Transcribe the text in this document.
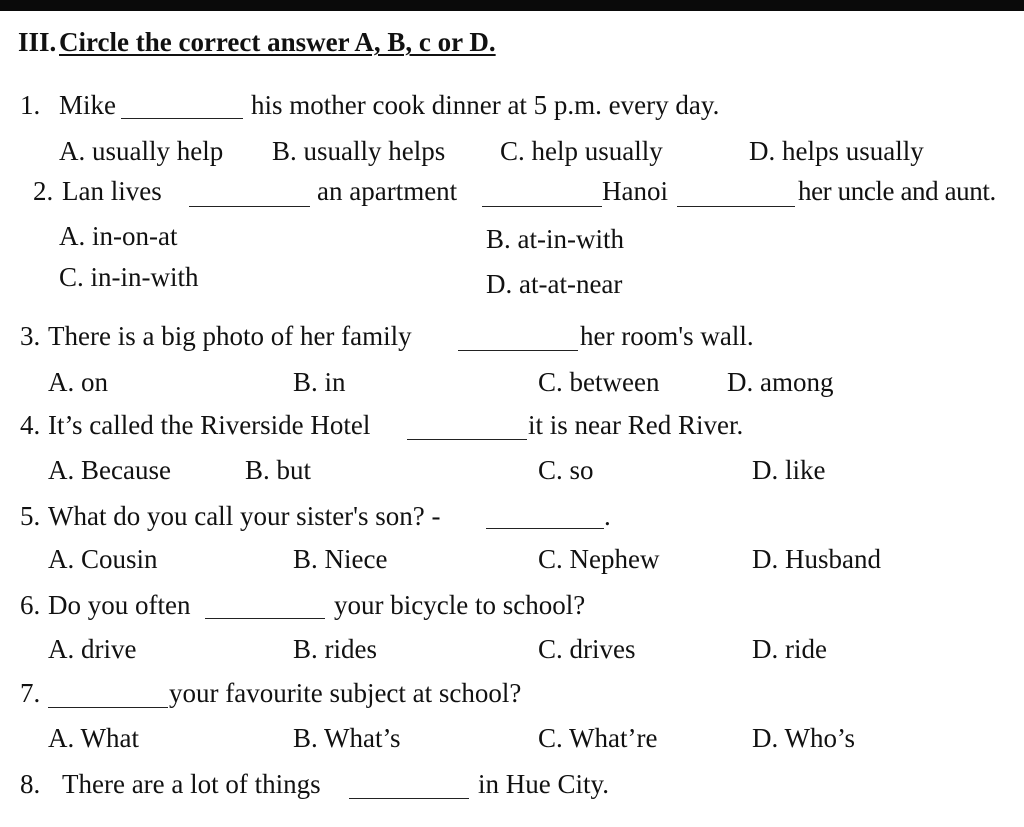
III. Circle the correct answer A, B, c or D.
1. Mike	his mother cook dinner at 5 p.m. every day.
A. usually help B. usually helps C. help usually	D. helps usually
2. Lan lives	an apartment	Hanoi	her uncle and aunt.
A. in-on-at	B. at-in-with
C. in-in-with	D. at-at-near
3. There is a big photo of her family	her room's wall.
A. on	B. in	C. between	D. among
4. It’s called the Riverside Hotel	it is near Red River.
A. Because	B. but	C. so	D. like
5. What do you call your sister's son? -	.
A. Cousin	B. Niece	C. Nephew	D. Husband
6. Do you often	your bicycle to school?
A. drive	B. rides	C. drives	D. ride
7.	your favourite subject at school?
A. What	B. What’s	C. What’re	D. Who’s
8. There are a lot of things	in Hue City.
